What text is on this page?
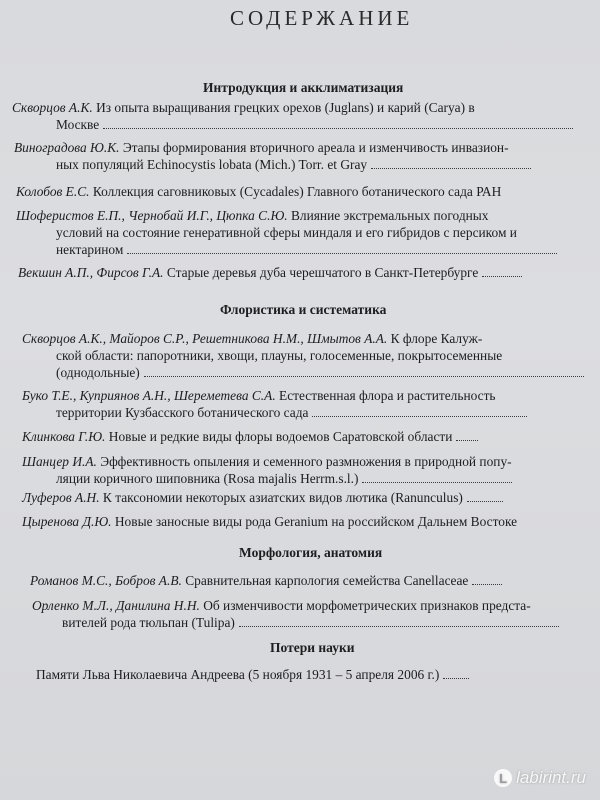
СОДЕРЖАНИЕ
Интродукция и акклиматизация
Скворцов А.К. Из опыта выращивания грецких орехов (Juglans) и карий (Carya) в
Москве
Виноградова Ю.К. Этапы формирования вторичного ареала и изменчивость инвазион-
ных популяций Echinocystis lobata (Mich.) Torr. et Gray
Колобов Е.С. Коллекция саговниковых (Cycadales) Главного ботанического сада РАН
Шоферистов Е.П., Чернобай И.Г., Цюпка С.Ю. Влияние экстремальных погодных
условий на состояние генеративной сферы миндаля и его гибридов с персиком и
нектарином
Векшин А.П., Фирсов Г.А. Старые деревья дуба черешчатого в Санкт-Петербурге
Флористика и систематика
Скворцов А.К., Майоров С.Р., Решетникова Н.М., Шмытов А.А. К флоре Калуж-
ской области: папоротники, хвощи, плауны, голосеменные, покрытосеменные
(однодольные)
Буко Т.Е., Куприянов А.Н., Шереметева С.А. Естественная флора и растительность
территории Кузбасского ботанического сада
Клинкова Г.Ю. Новые и редкие виды флоры водоемов Саратовской области
Шанцер И.А. Эффективность опыления и семенного размножения в природной попу-
ляции коричного шиповника (Rosa majalis Herrm.s.l.)
Луферов А.Н. К таксономии некоторых азиатских видов лютика (Ranunculus)
Цыренова Д.Ю. Новые заносные виды рода Geranium на российском Дальнем Востоке
Морфология, анатомия
Романов М.С., Бобров А.В. Сравнительная карпология семейства Canellaceae
Орленко М.Л., Данилина Н.Н. Об изменчивости морфометрических признаков предста-
вителей рода тюльпан (Tulipa)
Потери науки
Памяти Льва Николаевича Андреева (5 ноября 1931 – 5 апреля 2006 г.)
L labirint.ru
